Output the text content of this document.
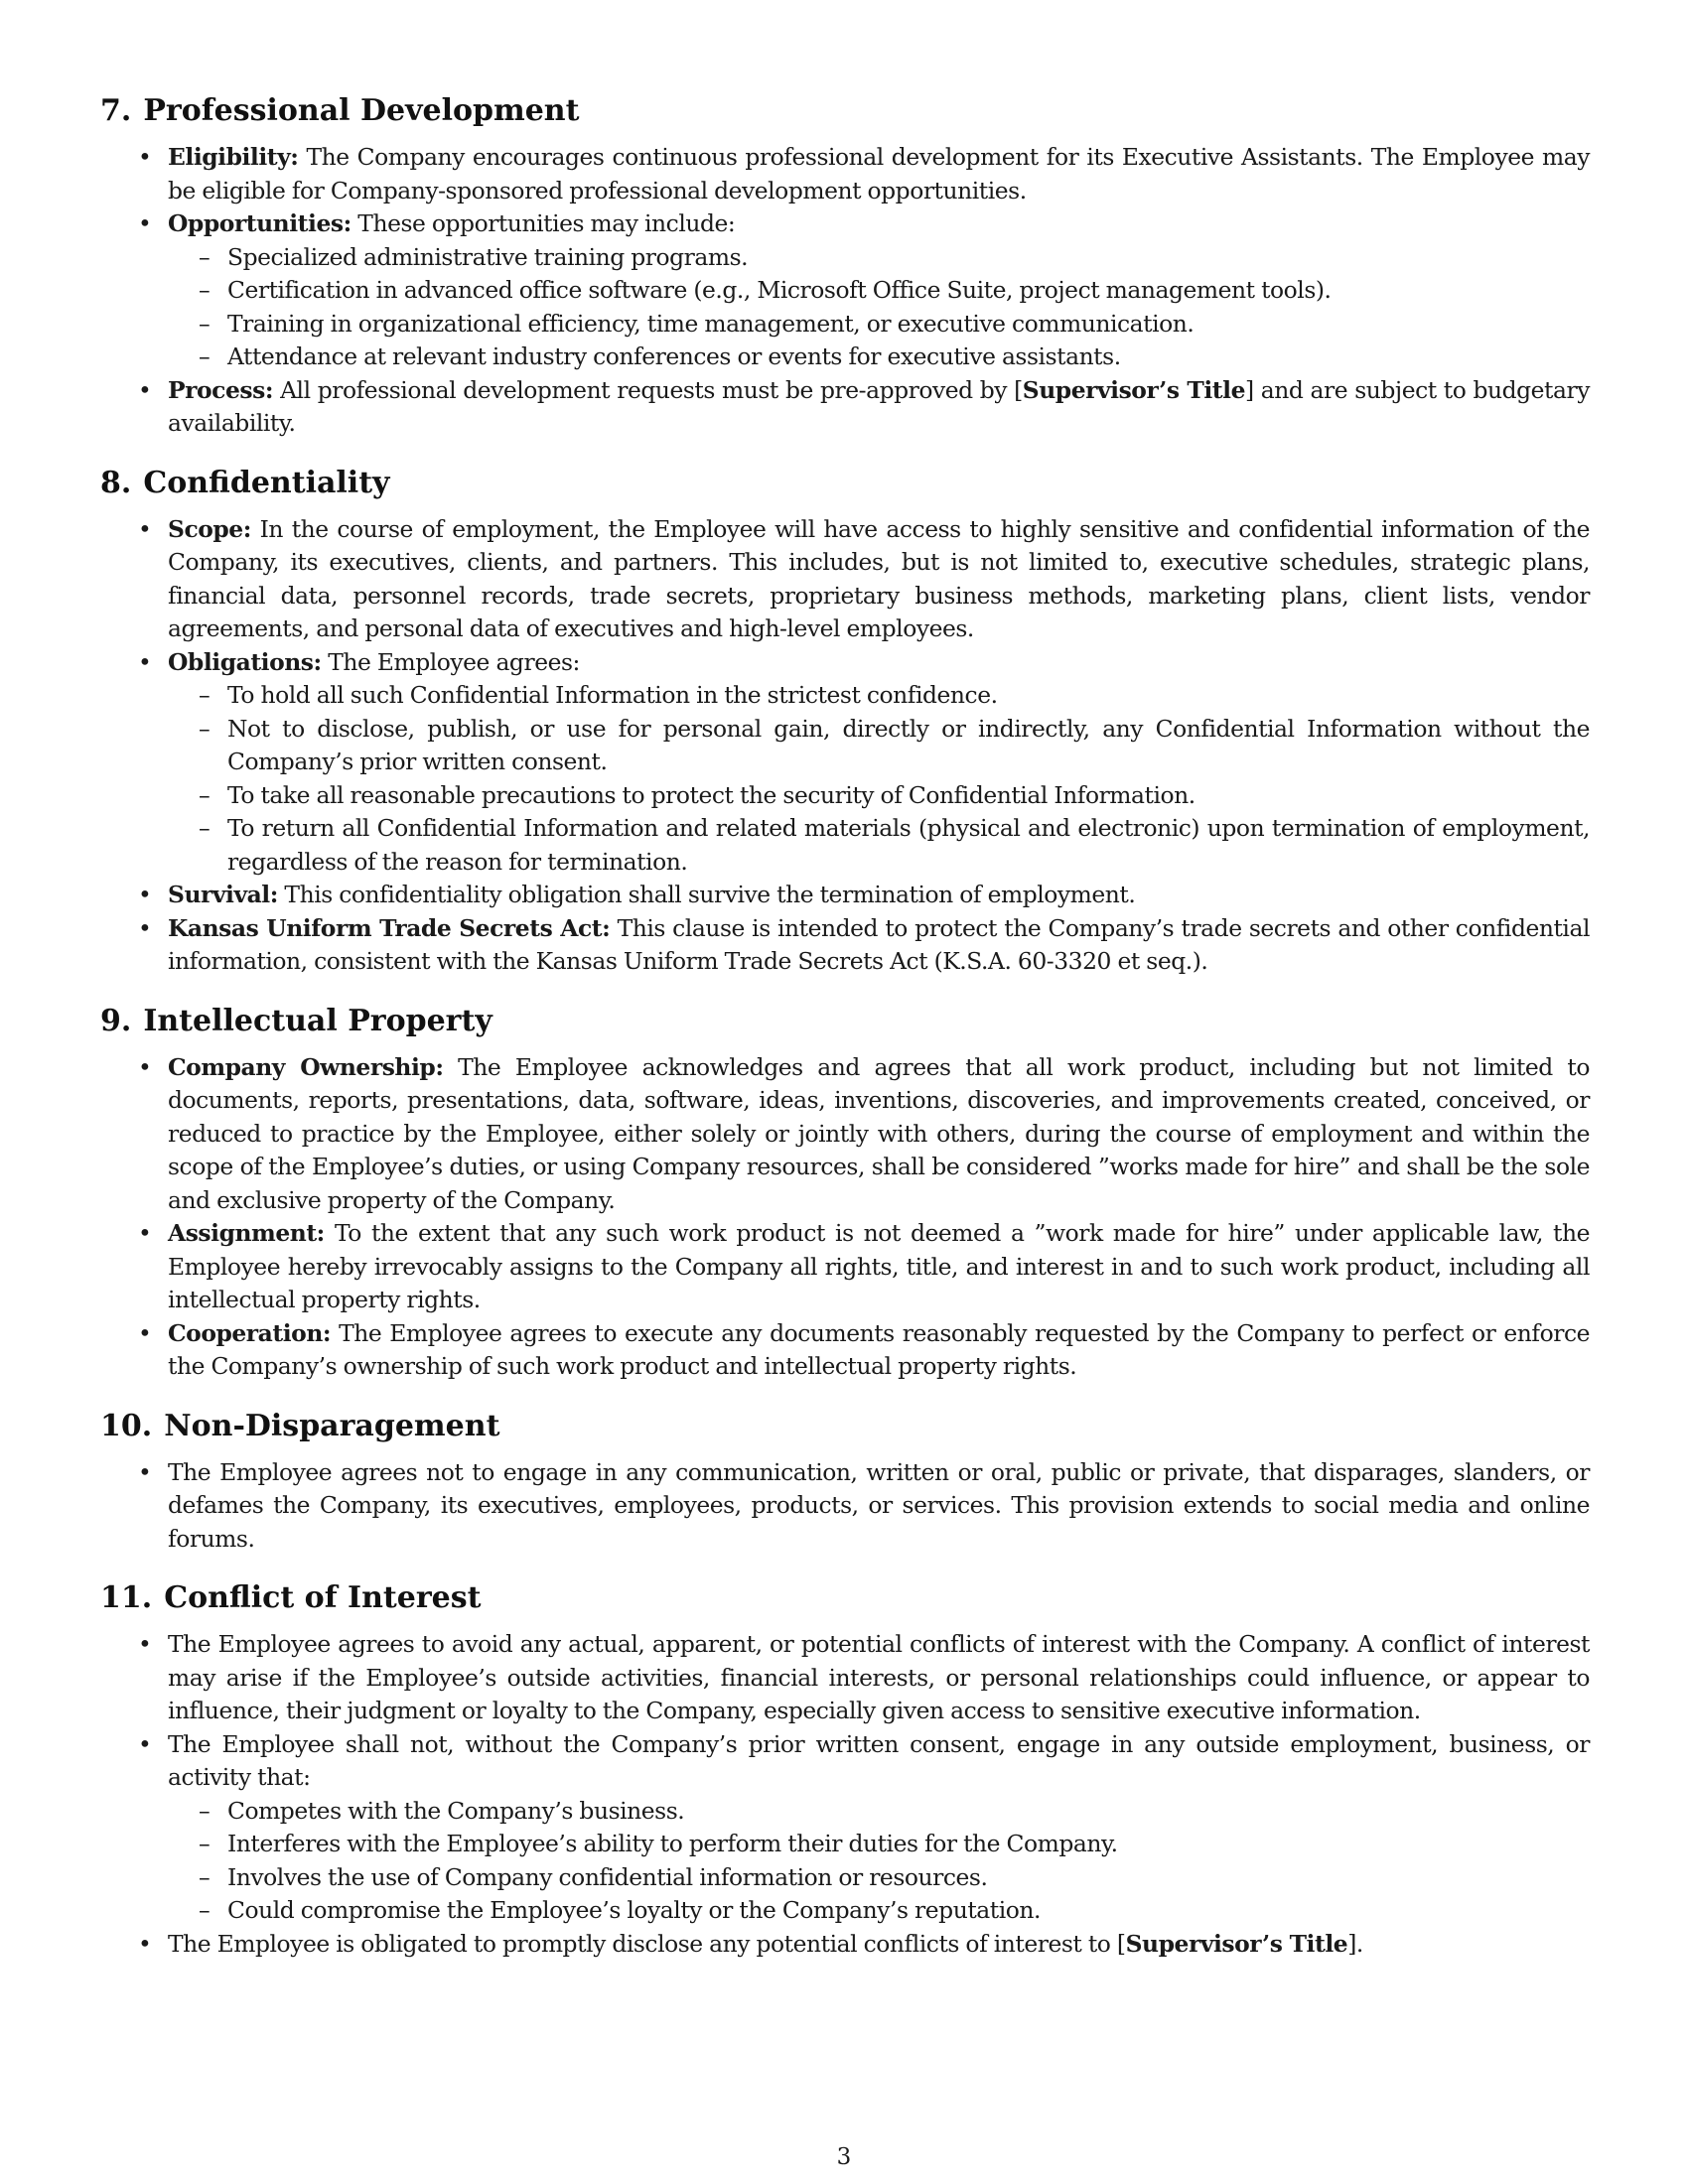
7. Professional Development
• Eligibility: The Company encourages continuous professional development for its Executive Assistants. The Employee may be eligible for Company-sponsored professional development opportunities.
• Opportunities: These opportunities may include:
– Specialized administrative training programs.
– Certification in advanced office software (e.g., Microsoft Office Suite, project management tools).
– Training in organizational efficiency, time management, or executive communication.
– Attendance at relevant industry conferences or events for executive assistants.
• Process: All professional development requests must be pre-approved by [Supervisor’s Title] and are subject to budgetary availability.
8. Confidentiality
• Scope: In the course of employment, the Employee will have access to highly sensitive and confidential information of the Company, its executives, clients, and partners. This includes, but is not limited to, executive schedules, strategic plans, financial data, personnel records, trade secrets, proprietary business methods, marketing plans, client lists, vendor agreements, and personal data of executives and high-level employees.
• Obligations: The Employee agrees:
– To hold all such Confidential Information in the strictest confidence.
– Not to disclose, publish, or use for personal gain, directly or indirectly, any Confidential Information without the Company’s prior written consent.
– To take all reasonable precautions to protect the security of Confidential Information.
– To return all Confidential Information and related materials (physical and electronic) upon termination of employment, regardless of the reason for termination.
• Survival: This confidentiality obligation shall survive the termination of employment.
• Kansas Uniform Trade Secrets Act: This clause is intended to protect the Company’s trade secrets and other confidential information, consistent with the Kansas Uniform Trade Secrets Act (K.S.A. 60-3320 et seq.).
9. Intellectual Property
• Company Ownership: The Employee acknowledges and agrees that all work product, including but not limited to documents, reports, presentations, data, software, ideas, inventions, discoveries, and improvements created, conceived, or reduced to practice by the Employee, either solely or jointly with others, during the course of employment and within the scope of the Employee’s duties, or using Company resources, shall be considered ”works made for hire” and shall be the sole and exclusive property of the Company.
• Assignment: To the extent that any such work product is not deemed a ”work made for hire” under applicable law, the Employee hereby irrevocably assigns to the Company all rights, title, and interest in and to such work product, including all intellectual property rights.
• Cooperation: The Employee agrees to execute any documents reasonably requested by the Company to perfect or enforce the Company’s ownership of such work product and intellectual property rights.
10. Non-Disparagement
• The Employee agrees not to engage in any communication, written or oral, public or private, that disparages, slanders, or defames the Company, its executives, employees, products, or services. This provision extends to social media and online forums.
11. Conflict of Interest
• The Employee agrees to avoid any actual, apparent, or potential conflicts of interest with the Company. A conflict of interest may arise if the Employee’s outside activities, financial interests, or personal relationships could influence, or appear to influence, their judgment or loyalty to the Company, especially given access to sensitive executive information.
• The Employee shall not, without the Company’s prior written consent, engage in any outside employment, business, or activity that:
– Competes with the Company’s business.
– Interferes with the Employee’s ability to perform their duties for the Company.
– Involves the use of Company confidential information or resources.
– Could compromise the Employee’s loyalty or the Company’s reputation.
• The Employee is obligated to promptly disclose any potential conflicts of interest to [Supervisor’s Title].
3
